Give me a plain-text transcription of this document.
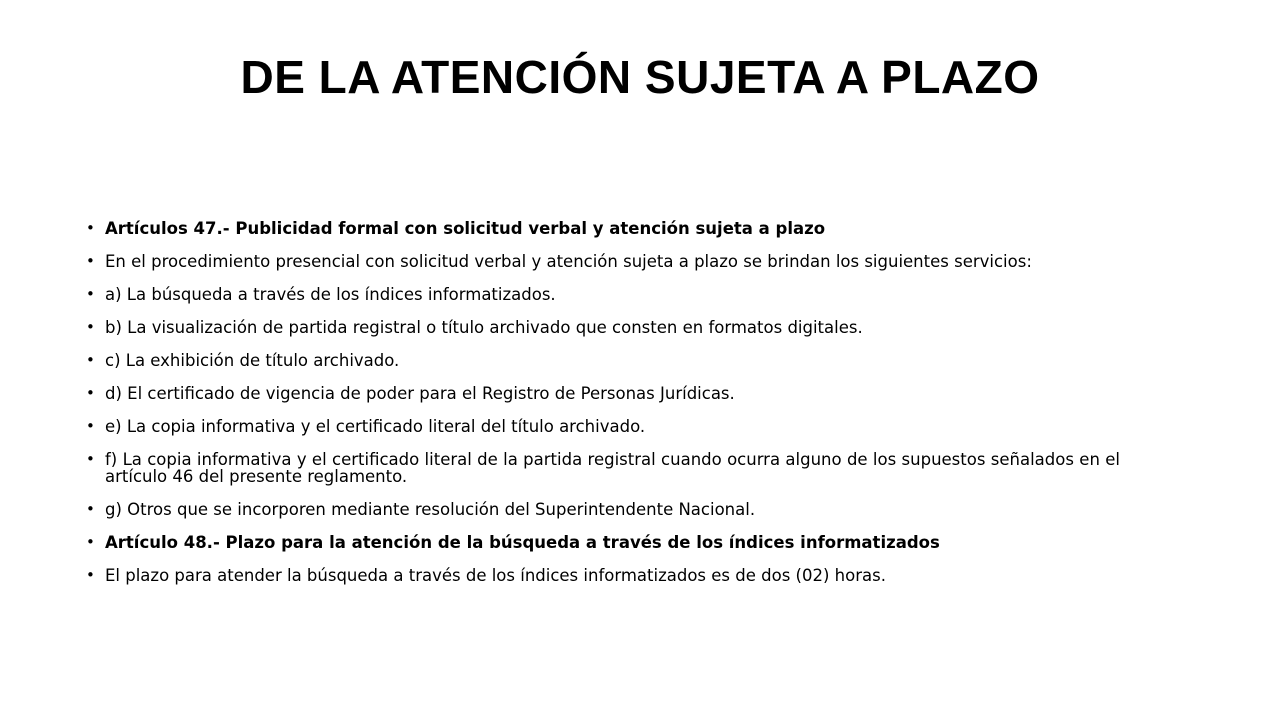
DE LA ATENCIÓN SUJETA A PLAZO
• Artículos 47.- Publicidad formal con solicitud verbal y atención sujeta a plazo
• En el procedimiento presencial con solicitud verbal y atención sujeta a plazo se brindan los siguientes servicios:
• a) La búsqueda a través de los índices informatizados.
• b) La visualización de partida registral o título archivado que consten en formatos digitales.
• c) La exhibición de título archivado.
• d) El certificado de vigencia de poder para el Registro de Personas Jurídicas.
• e) La copia informativa y el certificado literal del título archivado.
• f) La copia informativa y el certificado literal de la partida registral cuando ocurra alguno de los supuestos señalados en el artículo 46 del presente reglamento.
• g) Otros que se incorporen mediante resolución del Superintendente Nacional.
• Artículo 48.- Plazo para la atención de la búsqueda a través de los índices informatizados
• El plazo para atender la búsqueda a través de los índices informatizados es de dos (02) horas.
